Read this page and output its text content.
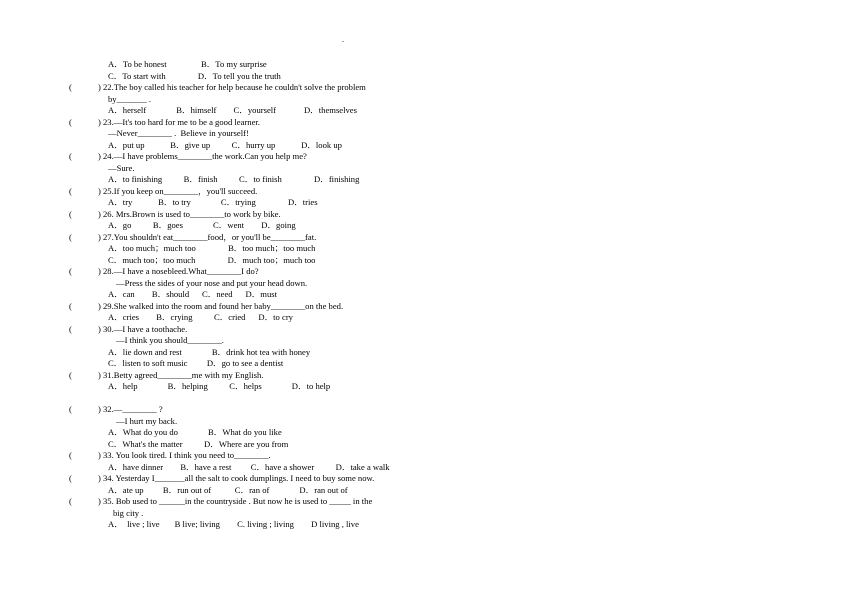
.
A．To be honest                B．To my surprise
C．To start with               D．To tell you the truth
(	) 22.The boy called his teacher for help because he couldn't solve the problem
by_______ .
A．herself              B．himself        C．yourself             D．themselves
(	) 23.—It's too hard for me to be a good learner.
—Never________ .  Believe in yourself!
A．put up            B．give up          C．hurry up            D．look up
(	) 24.—I have problems________the work.Can you help me?
—Sure.
A．to finishing          B．finish          C．to finish               D．finishing
(	) 25.If you keep on________，you'll succeed.
A．try            B．to try              C．trying               D．tries
(	) 26. Mrs.Brown is used to________to work by bike.
A．go          B．goes              C．went        D．going
(	) 27.You shouldn't eat________food，or you'll be________fat.
A．too much；much too               B．too much；too much
C．much too；too much               D．much too；much too
(	) 28.—I have a nosebleed.What________I do?
—Press the sides of your nose and put your head down.
A．can        B．should      C．need      D．must
(	) 29.She walked into the room and found her baby________on the bed.
A．cries        B．crying          C．cried      D．to cry
(	) 30.—I have a toothache.
—I think you should________.
A．lie down and rest              B．drink hot tea with honey
C．listen to soft music         D．go to see a dentist
(	) 31.Betty agreed________me with my English.
A．help              B．helping          C．helps              D．to help
(	) 32.—________ ?
—I hurt my back.
A．What do you do              B．What do you like
C．What's the matter          D．Where are you from
(	) 33. You look tired. I think you need to________.
A．have dinner        B．have a rest         C．have a shower          D．take a walk
(	) 34. Yesterday I_______all the salt to cook dumplings. I need to buy some now.
A．ate up         B．run out of           C．ran of              D．ran out of
(	) 35. Bob used to ______in the countryside . But now he is used to _____ in the
big city .
A．  live ; live       B live; living        C. living ; living        D living , live
